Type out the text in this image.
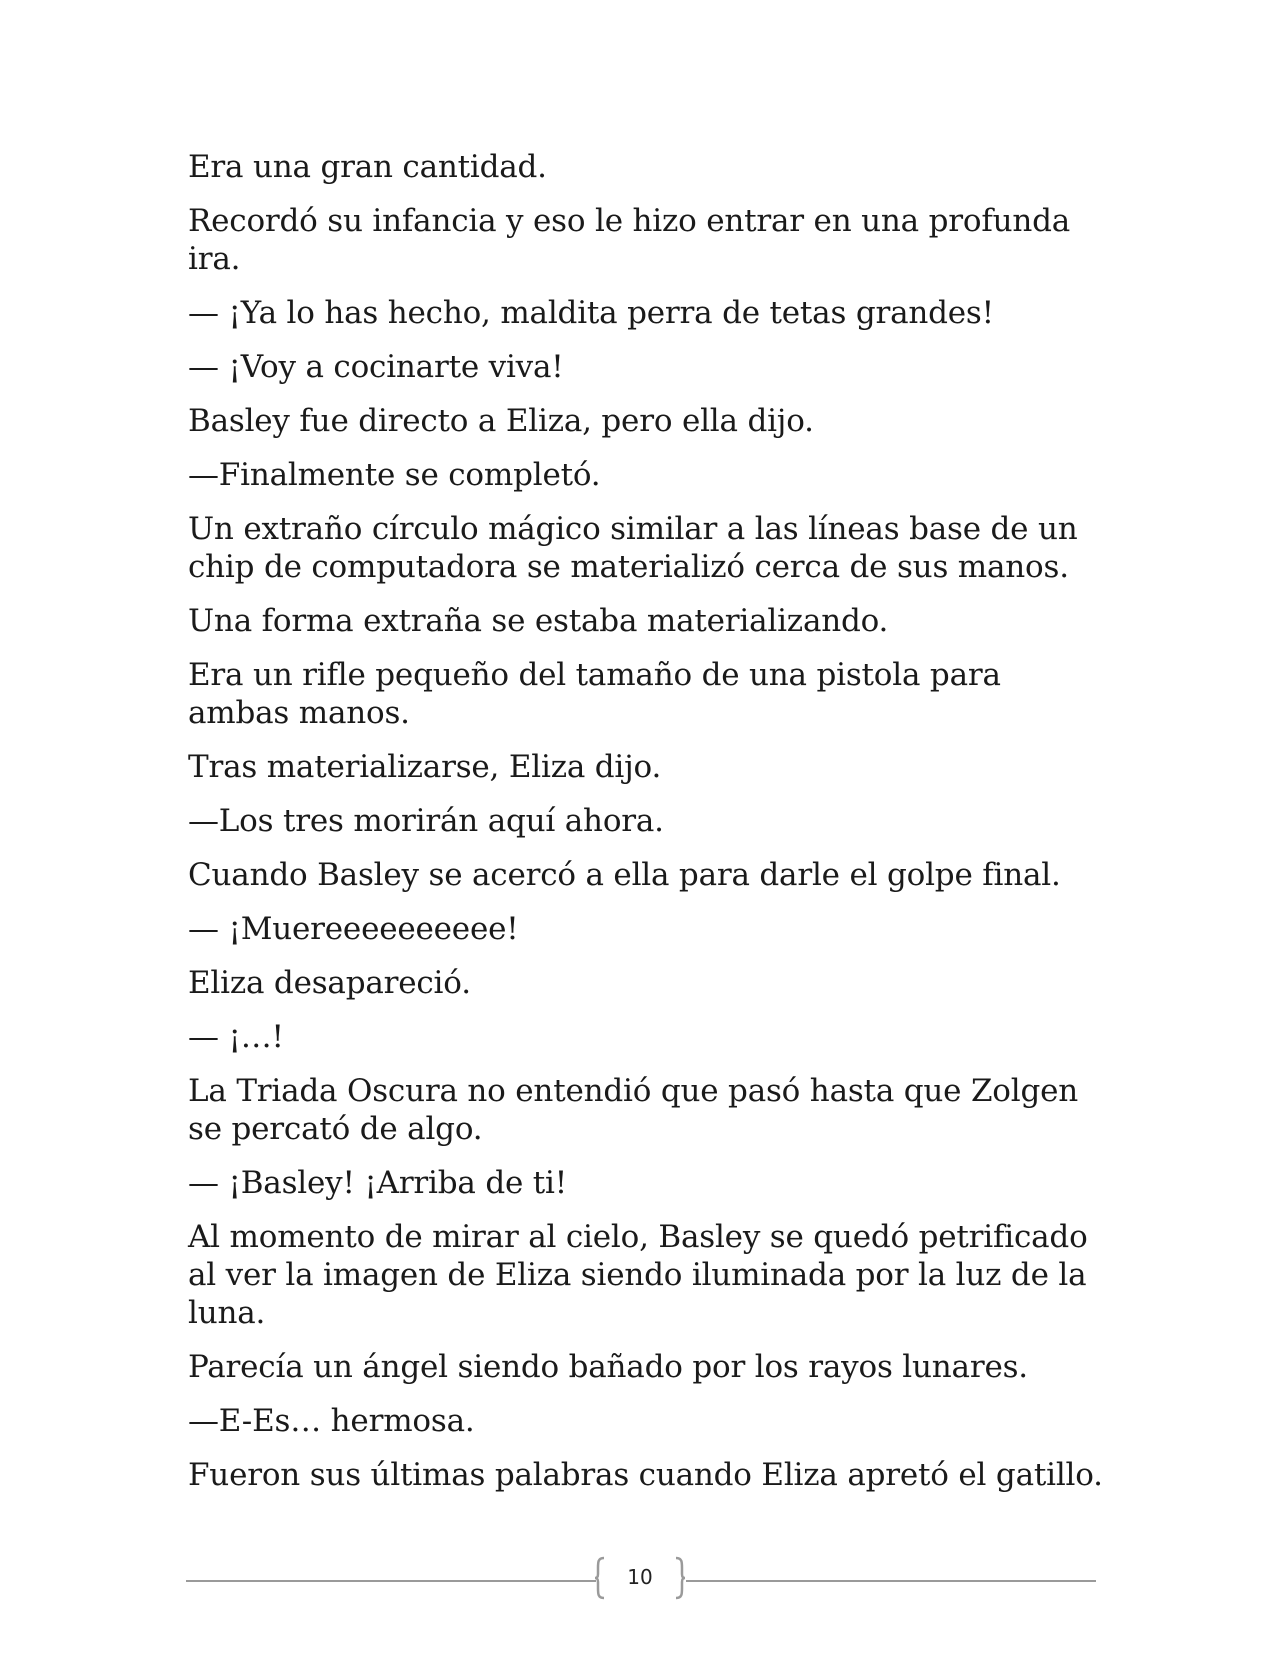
Era una gran cantidad.

Recordó su infancia y eso le hizo entrar en una profunda ira.

— ¡Ya lo has hecho, maldita perra de tetas grandes!

— ¡Voy a cocinarte viva!

Basley fue directo a Eliza, pero ella dijo.

—Finalmente se completó.

Un extraño círculo mágico similar a las líneas base de un chip de computadora se materializó cerca de sus manos.

Una forma extraña se estaba materializando.

Era un rifle pequeño del tamaño de una pistola para ambas manos.

Tras materializarse, Eliza dijo.

—Los tres morirán aquí ahora.

Cuando Basley se acercó a ella para darle el golpe final.

— ¡Muereeeeeeeeee!

Eliza desapareció.

— ¡…!

La Triada Oscura no entendió que pasó hasta que Zolgen se percató de algo.

— ¡Basley! ¡Arriba de ti!

Al momento de mirar al cielo, Basley se quedó petrificado al ver la imagen de Eliza siendo iluminada por la luz de la luna.

Parecía un ángel siendo bañado por los rayos lunares.

—E-Es… hermosa.

Fueron sus últimas palabras cuando Eliza apretó el gatillo.

10
